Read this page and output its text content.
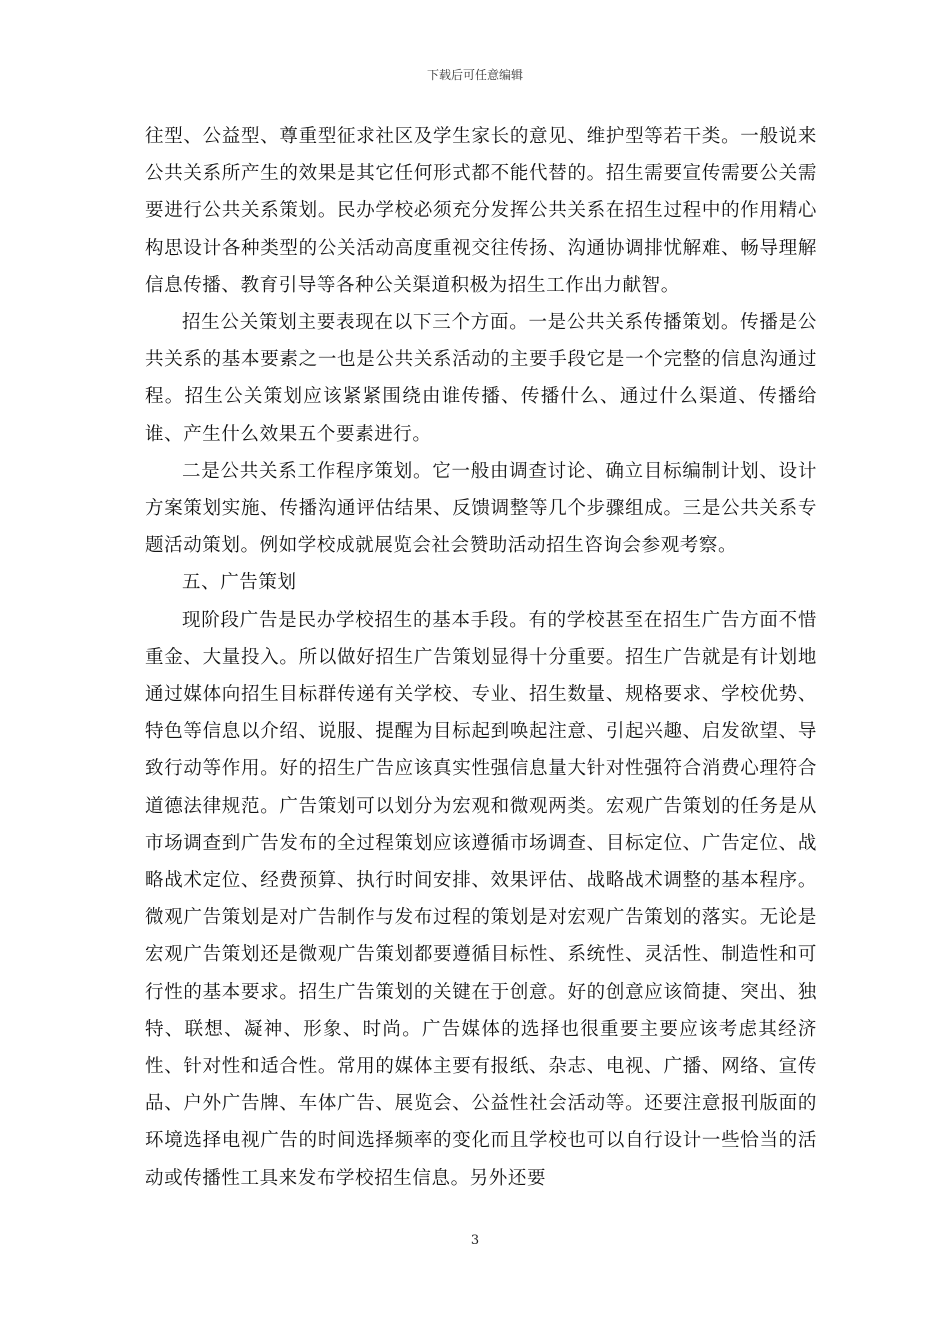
下载后可任意编辑

往型、公益型、尊重型征求社区及学生家长的意见、维护型等若干类。一般说来公共关系所产生的效果是其它任何形式都不能代替的。招生需要宣传需要公关需要进行公共关系策划。民办学校必须充分发挥公共关系在招生过程中的作用精心构思设计各种类型的公关活动高度重视交往传扬、沟通协调排忧解难、畅导理解信息传播、教育引导等各种公关渠道积极为招生工作出力献智。

招生公关策划主要表现在以下三个方面。一是公共关系传播策划。传播是公共关系的基本要素之一也是公共关系活动的主要手段它是一个完整的信息沟通过程。招生公关策划应该紧紧围绕由谁传播、传播什么、通过什么渠道、传播给谁、产生什么效果五个要素进行。

二是公共关系工作程序策划。它一般由调查讨论、确立目标编制计划、设计方案策划实施、传播沟通评估结果、反馈调整等几个步骤组成。三是公共关系专题活动策划。例如学校成就展览会社会赞助活动招生咨询会参观考察。

五、广告策划

现阶段广告是民办学校招生的基本手段。有的学校甚至在招生广告方面不惜重金、大量投入。所以做好招生广告策划显得十分重要。招生广告就是有计划地通过媒体向招生目标群传递有关学校、专业、招生数量、规格要求、学校优势、特色等信息以介绍、说服、提醒为目标起到唤起注意、引起兴趣、启发欲望、导致行动等作用。好的招生广告应该真实性强信息量大针对性强符合消费心理符合道德法律规范。广告策划可以划分为宏观和微观两类。宏观广告策划的任务是从市场调查到广告发布的全过程策划应该遵循市场调查、目标定位、广告定位、战略战术定位、经费预算、执行时间安排、效果评估、战略战术调整的基本程序。微观广告策划是对广告制作与发布过程的策划是对宏观广告策划的落实。无论是宏观广告策划还是微观广告策划都要遵循目标性、系统性、灵活性、制造性和可行性的基本要求。招生广告策划的关键在于创意。好的创意应该简捷、突出、独特、联想、凝神、形象、时尚。广告媒体的选择也很重要主要应该考虑其经济性、针对性和适合性。常用的媒体主要有报纸、杂志、电视、广播、网络、宣传品、户外广告牌、车体广告、展览会、公益性社会活动等。还要注意报刊版面的环境选择电视广告的时间选择频率的变化而且学校也可以自行设计一些恰当的活动或传播性工具来发布学校招生信息。另外还要

3
